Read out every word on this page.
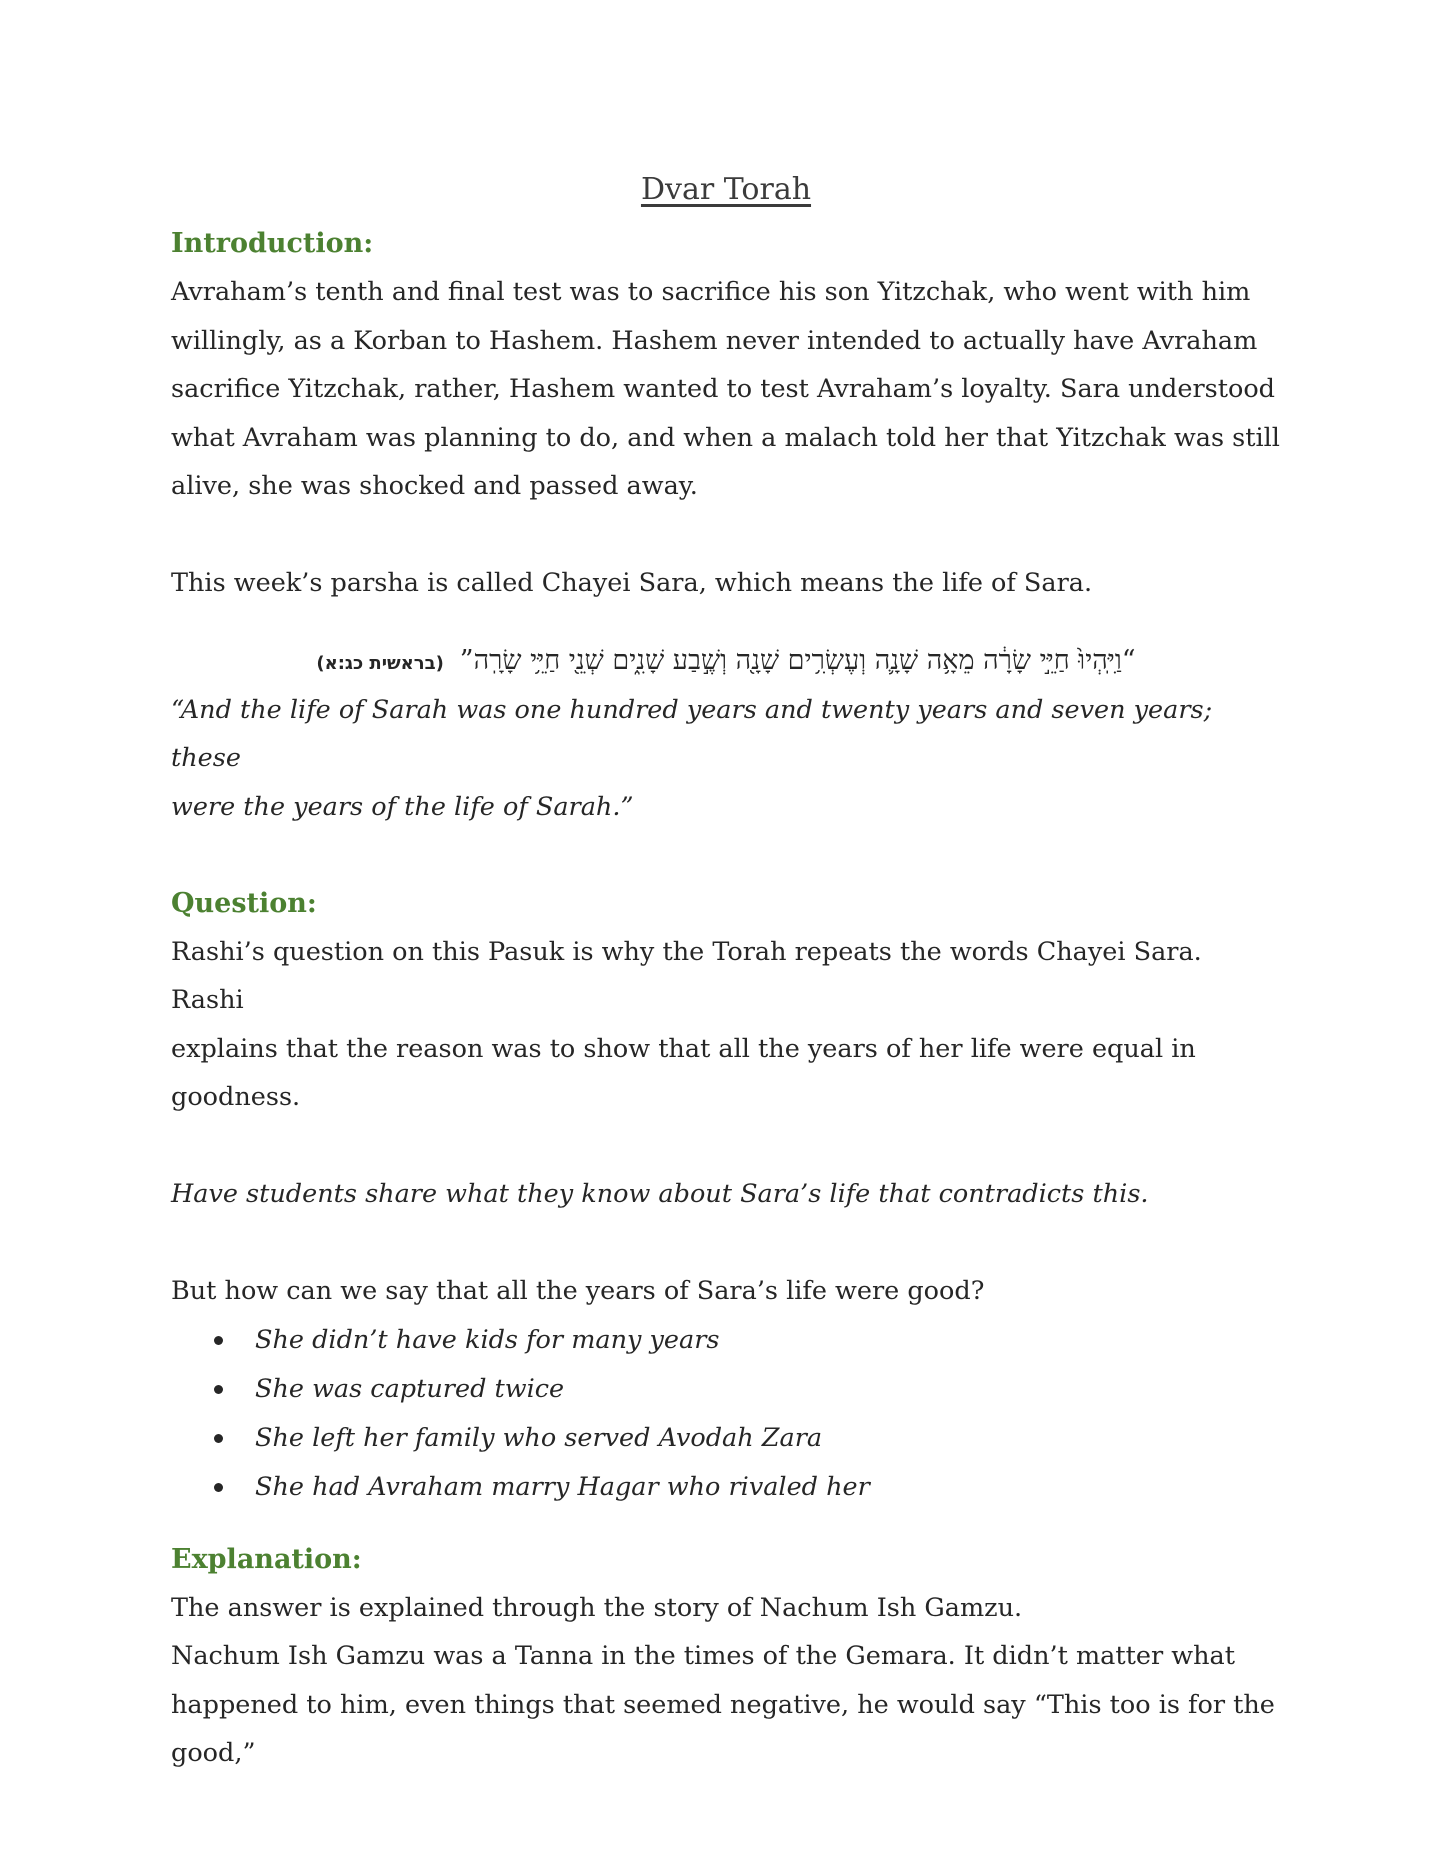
Dvar Torah
Introduction:

Avraham’s tenth and final test was to sacrifice his son Yitzchak, who went with him

willingly, as a Korban to Hashem. Hashem never intended to actually have Avraham

sacrifice Yitzchak, rather, Hashem wanted to test Avraham’s loyalty. Sara understood

what Avraham was planning to do, and when a malach told her that Yitzchak was still

alive, she was shocked and passed away.

This week’s parsha is called Chayei Sara, which means the life of Sara.

(בראשית כג:א) “וַיִּֽהְיוּ֙ חַיֵּ֣י שָׂרָ֔ה מֵאָ֥ה שָׁנָ֛ה וְעֶשְׂרִ֥ים שָׁנָ֖ה וְשֶׁ֣בַע שָׁנִ֑ים שְׁנֵ֖י חַיֵּ֥י שָׂרָֽה”

“And the life of Sarah was one hundred years and twenty years and seven years; these

were the years of the life of Sarah.”

Question:

Rashi’s question on this Pasuk is why the Torah repeats the words Chayei Sara. Rashi

explains that the reason was to show that all the years of her life were equal in goodness.

Have students share what they know about Sara’s life that contradicts this.

But how can we say that all the years of Sara’s life were good?

She didn’t have kids for many years
She was captured twice
She left her family who served Avodah Zara
She had Avraham marry Hagar who rivaled her
Explanation:

The answer is explained through the story of Nachum Ish Gamzu.

Nachum Ish Gamzu was a Tanna in the times of the Gemara. It didn’t matter what

happened to him, even things that seemed negative, he would say “This too is for the

good,”
